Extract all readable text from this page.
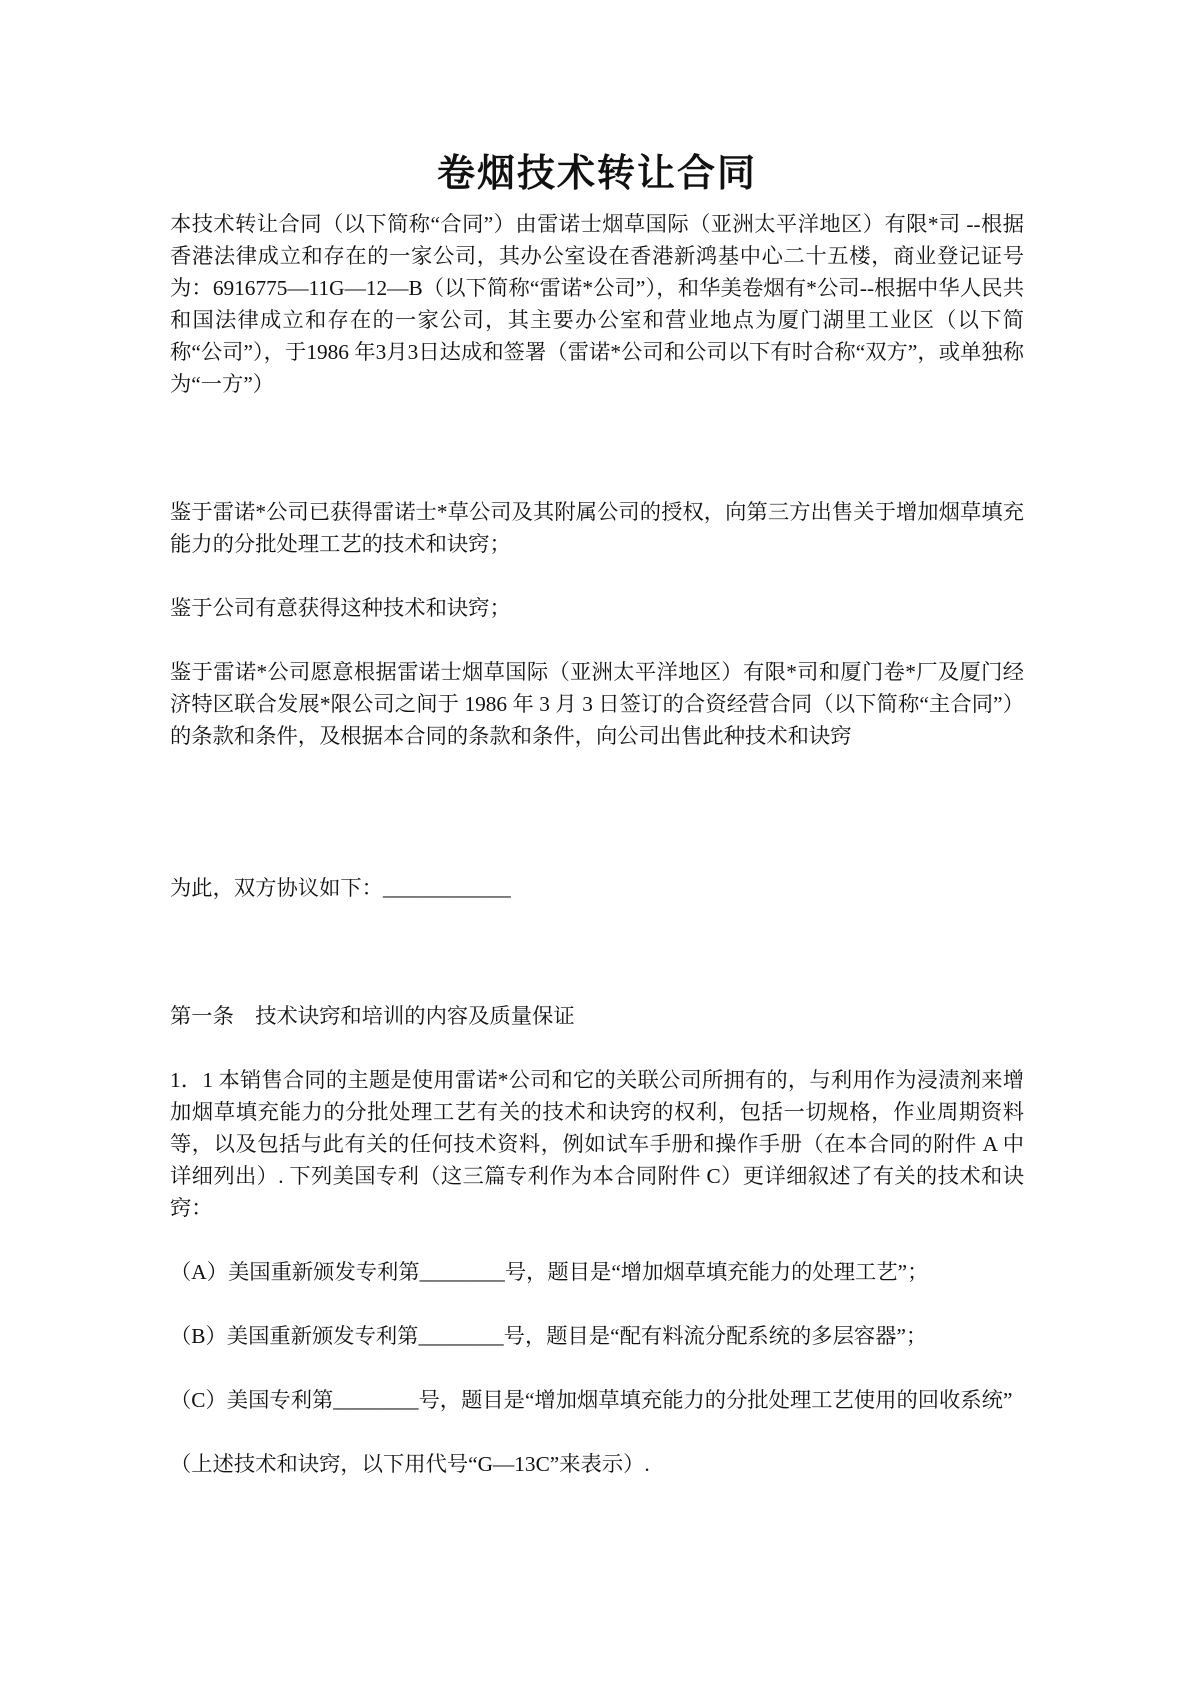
卷烟技术转让合同

本技术转让合同（以下简称“合同”）由雷诺士烟草国际（亚洲太平洋地区）有限*司 --根据香港法律成立和存在的一家公司，其办公室设在香港新鸿基中心二十五楼，商业登记证号为：6916775—11G—12—B（以下简称“雷诺*公司”），和华美卷烟有*公司--根据中华人民共和国法律成立和存在的一家公司，其主要办公室和营业地点为厦门湖里工业区（以下简称“公司”），于1986 年3月3日达成和签署（雷诺*公司和公司以下有时合称“双方”，或单独称为“一方”）

鉴于雷诺*公司已获得雷诺士*草公司及其附属公司的授权，向第三方出售关于增加烟草填充能力的分批处理工艺的技术和诀窍；

鉴于公司有意获得这种技术和诀窍；

鉴于雷诺*公司愿意根据雷诺士烟草国际（亚洲太平洋地区）有限*司和厦门卷*厂及厦门经济特区联合发展*限公司之间于 1986 年 3 月 3 日签订的合资经营合同（以下简称“主合同”）的条款和条件，及根据本合同的条款和条件，向公司出售此种技术和诀窍

为此，双方协议如下：____________

第一条　技术诀窍和培训的内容及质量保证

1．1 本销售合同的主题是使用雷诺*公司和它的关联公司所拥有的，与利用作为浸渍剂来增加烟草填充能力的分批处理工艺有关的技术和诀窍的权利，包括一切规格，作业周期资料等，以及包括与此有关的任何技术资料，例如试车手册和操作手册（在本合同的附件 A 中详细列出）. 下列美国专利（这三篇专利作为本合同附件 C）更详细叙述了有关的技术和诀窍：

（A）美国重新颁发专利第________号，题目是“增加烟草填充能力的处理工艺”；

（B）美国重新颁发专利第________号，题目是“配有料流分配系统的多层容器”；

（C）美国专利第________号，题目是“增加烟草填充能力的分批处理工艺使用的回收系统”

（上述技术和诀窍，以下用代号“G—13C”来表示）.
